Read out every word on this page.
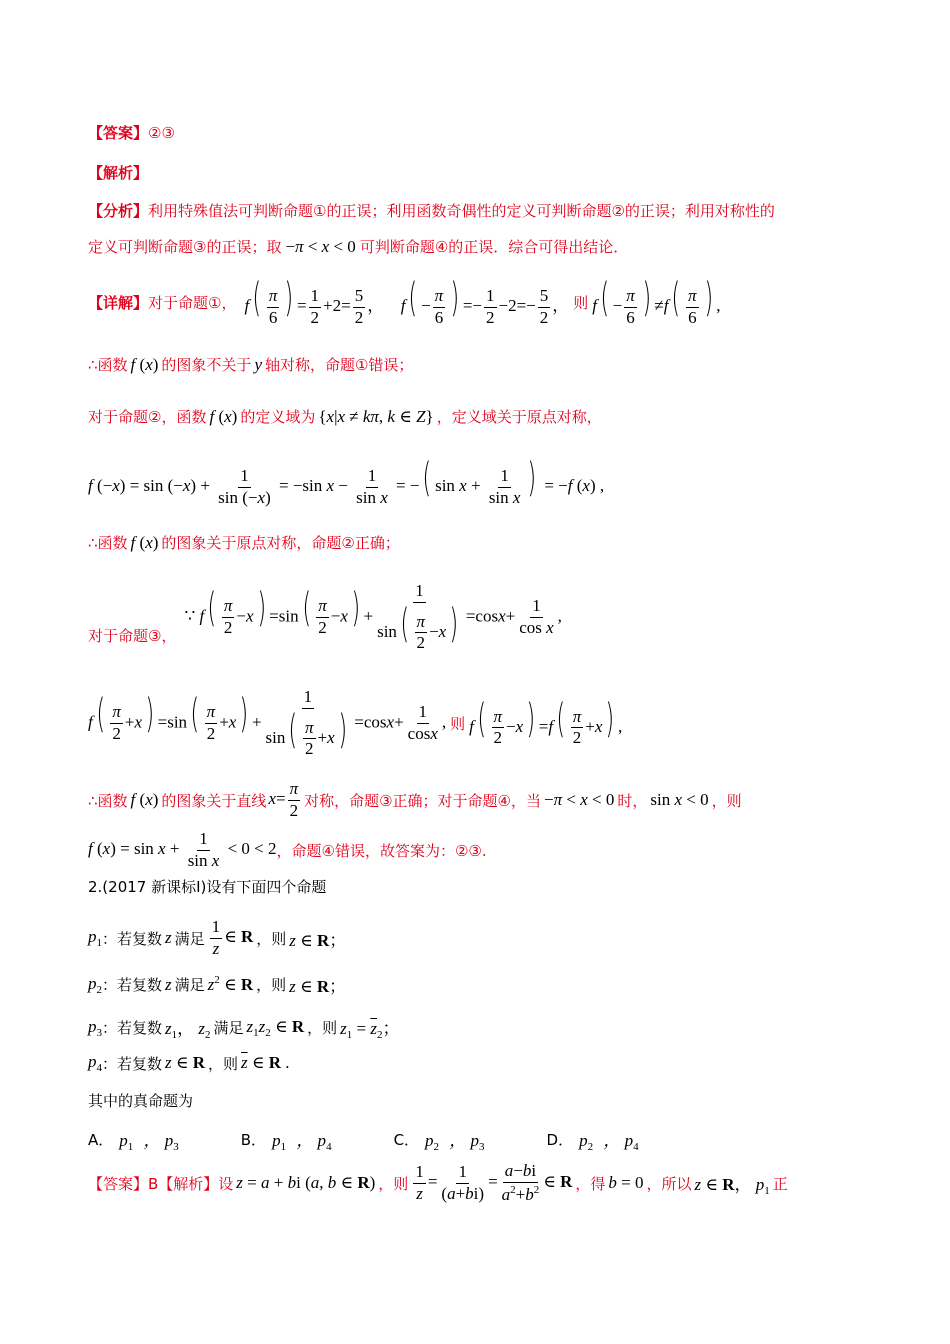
【答案】 ②③
【解析】
【分析】 利用特殊值法可判断命题①的正误；利用函数奇偶性的定义可判断命题②的正误；利用对称性的
定义可判断命题③的正误；取 −π < x < 0 可判断命题④的正误．综合可得出结论．
【详解】 对于命题①， $f( \frac{\pi}{6}$ ) = $\frac{1}{2} +2= \frac{5}{2}$ ，  $f( - \frac{\pi}{6}$ ) =− $\frac{1}{2} -2=- \frac{5}{2}$ ， 则 $f( - \frac{\pi}{6}$ ) $\ne f( \frac{\pi}{6}$ ) ,
∴函数 f (x) 的图象不关于 y 轴对称，命题①错误；
对于命题②，函数 f (x) 的定义域为 {x|x ≠ kπ, k ∈ Z} ，定义域关于原点对称，
f $(-x) = \sin (-x) + \frac{1}{\sin (-x)} = -\sin$ $x - \frac{1}{\text{sin x}}$ = −( $\sin x + \frac{1}{\text{sin x}}$ ) = −f (x) ,
∴函数 f (x) 的图象关于原点对称，命题②正确；
对于命题③，
∵ $f( \frac{\pi}{2} -x) =\sin( \frac{\pi}{2} -x) + \frac{1}{\sin( \frac{\pi}{2} -x)} =\cos x+ \frac{1}{\text{cos x}}$ ,
$f( \frac{\pi}{2} +x) =\sin( \frac{\pi}{2} +x) + \frac{1}{\sin( \frac{\pi}{2} +x)} =\cos x+ \frac{1}{\cos x}$ , 则 $f( \frac{\pi}{2} -x) =f( \frac{\pi}{2} +x)$ ,
∴函数 f (x) 的图象关于直线 $x= \frac{\pi}{2}$ 对称，命题③正确；对于命题④，当 −π < x < 0 时， sin x < 0 ，则
f $(x) = \sin x + \frac{1}{\text{sin x}} < 0 < 2$ ，命题④错误，故答案为：②③.
2.(2017 新课标Ⅰ)设有下面四个命题
$p_1$ ：若复数 z 满足 $\frac{1}{z}$ ∈ R ，则 z ∈ R；
$p_2$ ：若复数 z 满足 $z^2$ ∈ R ，则 z ∈ R；
$p_3$ ：若复数 $z_1$， $z_2$ 满足 $z_1z_2$ ∈ R ，则 $z_1 = \overline{z}_2$；
$p_4$ ：若复数 z ∈ R ，则 $\overline{z}$ ∈ R .
其中的真命题为
A． $p_1$ ， $p_3$	B． $p_1$ ， $p_4$	C． $p_2$ ， $p_3$	D． $p_2$ ， $p_4$
【答案】B【解析】设 z = a + bi (a, b ∈ R) ，则 $\frac{1}{z} = \frac{1}{(a+bi)} = \frac{a-bi}{a^2+b^2}$ ∈ R ，得 b = 0 ，所以 z ∈ R， $p_1$ 正
